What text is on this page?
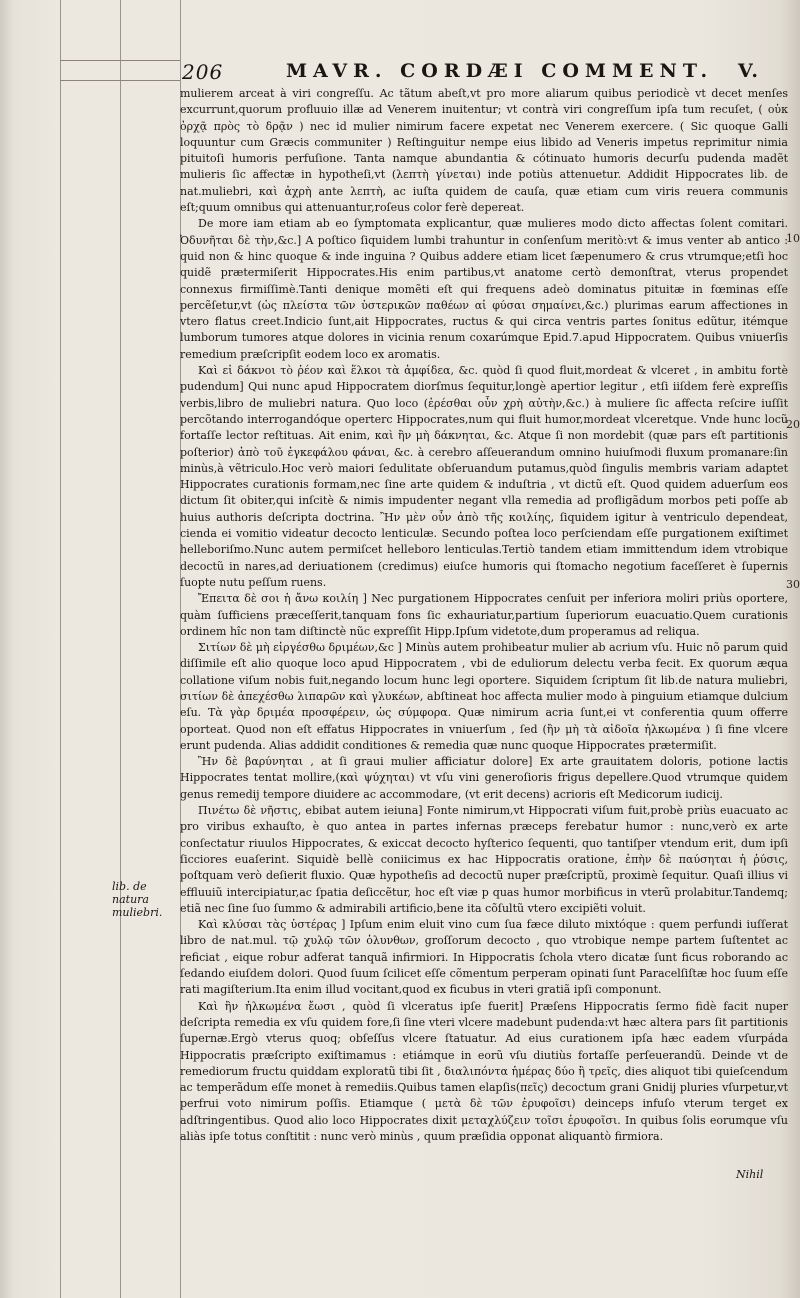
206	MAVR. CORDÆI COMMENT. V.

mulierem arceat à viri congreſſu. Ac tãtum abeſt,vt pro more aliarum quibus periodicè vt decet menſes excurrunt,quorum profluuio illæ ad Venerem inuitentur; vt contrà viri congreſſum ipſa tum recuſet, ( οὐκ ὀρχᾷ πρὸς τὸ δρᾷν ) nec id mulier nimirum facere expetat nec Venerem exercere. ( Sic quoque Galli loquuntur cum Græcis communiter ) Reſtinguitur nempe eius libido ad Veneris impetus reprimitur nimia pituitoſi humoris perfuſione. Tanta namque abundantia & cótinuato humoris decurſu pudenda madẽt mulieris ſic affectæ in hypotheſi,vt (λεπτὴ γίνεται) inde potiùs attenuetur. Addidit Hippocrates lib. de nat.muliebri, καὶ ἀχρὴ ante λεπτὴ, ac iuſta quidem de cauſa, quæ etiam cum viris reuera communis eſt;quum omnibus qui attenuantur,roſeus color ferè depereat.

De more iam etiam ab eo ſymptomata explicantur, quæ mulieres modo dicto affectas ſolent comitari. Ὀδυνῆται δὲ τὴν,&c.] A poſtico ſiquidem lumbi trahuntur in conſenſum meritò:vt & imus venter ab antico : quid non & hinc quoque & inde inguina ? Quibus addere etiam licet ſæpenumero & crus vtrumque;etſi hoc quidẽ prætermiſerit Hippocrates.His enim partibus,vt anatome certò demonſtrat, vterus propendet connexus firmiſſimè.Tanti denique momẽti eſt qui frequens adeò dominatus pituitæ in fœminas eſſe percẽſetur,vt (ὡς πλείστα τῶν ὑστερικῶν παθέων αἱ φύσαι σημαίνει,&c.) plurimas earum affectiones in vtero flatus creet.Indicio ſunt,ait Hippocrates, ructus & qui circa ventris partes ſonitus edũtur, itémque lumborum tumores atque dolores in vicinia renum coxarúmque Epid.7.apud Hippocratem. Quibus vniuerſis remedium præſcripſit eodem loco ex aromatis.

Καὶ εἰ δάκνοι τὸ ῥέον καὶ ἕλκοι τὰ ἀμφίδεα, &c. quòd ſi quod fluit,mordeat & vlceret , in ambitu fortè pudendum] Qui nunc apud Hippocratem diorſmus ſequitur,longè apertior legitur , etſi iiſdem ferè expreſſis verbis,libro de muliebri natura. Quo loco (ἐρέσθαι οὖν χρὴ αὐτὴν,&c.) à muliere ſic affecta reſcire iuſſit percõtando interrogandóque operterc Hippocrates,num qui fluit humor,mordeat vlceretque. Vnde hunc locũ fortaſſe lector reſtituas. Ait enim, καὶ ἢν μὴ δάκνηται, &c. Atque ſi non mordebit (quæ pars eſt partitionis poſterior) ἀπὸ τοῦ ἐγκεφάλου φάναι, &c. à cerebro aſſeuerandum omnino huiuſmodi fluxum promanare:ſin minùs,à vẽtriculo.Hoc verò maiori ſedulitate obſeruandum putamus,quòd ſingulis membris variam adaptet Hippocrates curationis formam,nec ſine arte quidem & induſtria , vt dictũ eſt. Quod quidem aduerſum eos dictum ſit obiter,qui inſcitè & nimis impudenter negant vlla remedia ad profligãdum morbos peti poſſe ab huius authoris deſcripta doctrina. Ἢν μὲν οὖν ἀπὸ τῆς κοιλίης, ſiquidem igitur à ventriculo dependeat, cienda ei vomitio videatur decocto lenticulæ. Secundo poſtea loco perſciendam eſſe purgationem exiſtimet helleboriſmo.Nunc autem permiſcet helleboro lenticulas.Tertiò tandem etiam immittendum idem vtrobique decoctũ in nares,ad deriuationem (credimus) eiuſce humoris qui ſtomacho negotium faceſſeret è ſupernis ſuopte nutu peſſum ruens.

Ἔπειτα δὲ σοι ἡ ἄνω κοιλίη ] Nec purgationem Hippocrates cenſuit per inferiora moliri priùs oportere, quàm ſufficiens præceſſerit,tanquam fons ſic exhauriatur,partium ſuperiorum euacuatio.Quem curationis ordinem hîc non tam diſtinctè nũc expreſſit Hipp.Ipſum videtote,dum properamus ad reliqua.

Σιτίων δὲ μὴ εἰργέσθω δριμέων,&c ] Minùs autem prohibeatur mulier ab acrium vſu. Huic nõ parum quid diſſimile eſt alio quoque loco apud Hippocratem , vbi de eduliorum delectu verba fecit. Ex quorum æqua collatione viſum nobis fuit,negando locum hunc legi oportere. Siquidem ſcriptum ſit lib.de natura muliebri, σιτίων δὲ ἀπεχέσθω λιπαρῶν καὶ γλυκέων, abſtineat hoc affecta mulier modo à pinguium etiamque dulcium eſu. Τὰ γὰρ δριμέα προσφέρειν, ὡς σύμφορα. Quæ nimirum acria ſunt,ei vt conferentia quum offerre oporteat. Quod non eſt effatus Hippocrates in vniuerſum , ſed (ἢν μὴ τὰ αἰδοῖα ἠλκωμένα ) ſi fine vlcere erunt pudenda. Alias addidit conditiones & remedia quæ nunc quoque Hippocrates prætermiſit.

Ἢν δὲ βαρύνηται , at ſi graui mulier afficiatur dolore] Ex arte grauitatem doloris, potione lactis Hippocrates tentat mollire,(καὶ ψύχηται) vt vſu vini generoſioris frigus depellere.Quod vtrumque quidem genus remedij tempore diuidere ac accommodare, (vt erit decens) acrioris eſt Medicorum iudicij.

Πινέτω δὲ νῆστις, ebibat autem ieiuna] Fonte nimirum,vt Hippocrati viſum fuit,probè priùs euacuato ac pro viribus exhauſto, è quo antea in partes infernas præceps ferebatur humor : nunc,verò ex arte conſectatur riuulos Hippocrates, & exiccat decocto hyſterico ſequenti, quo tantiſper vtendum erit, dum ipſi ſicciores euaſerint. Siquidè bellè coniicimus ex hac Hippocratis oratione, ἐπὴν δὲ παύσηται ἡ ῥύσις, poſtquam verò deſierit fluxio. Quæ hypotheſis ad decoctũ nuper præſcriptũ, proximè ſequitur. Quaſi illius vi effluuiũ intercipiatur,ac ſpatia deſiccẽtur, hoc eſt viæ p quas humor morbificus in vterũ prolabitur.Tandemq; etiã nec ſine ſuo ſummo & admirabili artificio,bene ita cõſultũ vtero excipiẽti voluit.

Καὶ κλύσαι τὰς ὑστέρας ] Ipſum enim eluit vino cum ſua fæce diluto mixtóque : quem perfundi iuſſerat libro de nat.mul. τῷ χυλῷ τῶν ὀλυνθων, groſſorum decocto , quo vtrobique nempe partem ſuſtentet ac reficiat , eique robur adferat tanquã infirmiori. In Hippocratis ſchola vtero dicatæ ſunt ficus roborando ac ſedando eiuſdem dolori. Quod ſuum ſcilicet eſſe cõmentum perperam opinati ſunt Paracelſiſtæ hoc ſuum eſſe rati magiſterium.Ita enim illud vocitant,quod ex ficubus in vteri gratiã ipſi componunt.

Καὶ ἢν ἠλκωμένα ἔωσι , quòd ſi vlceratus ipſe fuerit] Præſens Hippocratis ſermo fidè facit nuper deſcripta remedia ex vſu quidem fore,ſi ſine vteri vlcere madebunt pudenda:vt hæc altera pars ſit partitionis ſupernæ.Ergò vterus quoq; obſeſſus vlcere ſtatuatur. Ad eius curationem ipſa hæc eadem vſurpáda Hippocratis præſcripto exiſtimamus : etiámque in eorũ vſu diutiùs fortaſſe perſeuerandũ. Deinde vt de remediorum fructu quiddam exploratũ tibi ſit , διαλιπόντα ἡμέρας δύο ἢ τρεῖς, dies aliquot tibi quieſcendum ac temperãdum eſſe monet à remediis.Quibus tamen elapſis(πεῖς) decoctum grani Gnidij pluries vſurpetur,vt perfrui voto nimirum poſſis. Etiamque ( μετὰ δὲ τῶν ἐρυφοῖσι) deinceps infuſo vterum terget ex adſtringentibus. Quod alio loco Hippocrates dixit μεταχλύζειν τοῖσι ἐρυφοῖσι. In quibus ſolis eorumque vſu aliàs ipſe totus conſtitit : nunc verò minùs , quum præſidia opponat aliquantò firmiora.

lib. de natura muliebri.
10
20
30
Nihil
